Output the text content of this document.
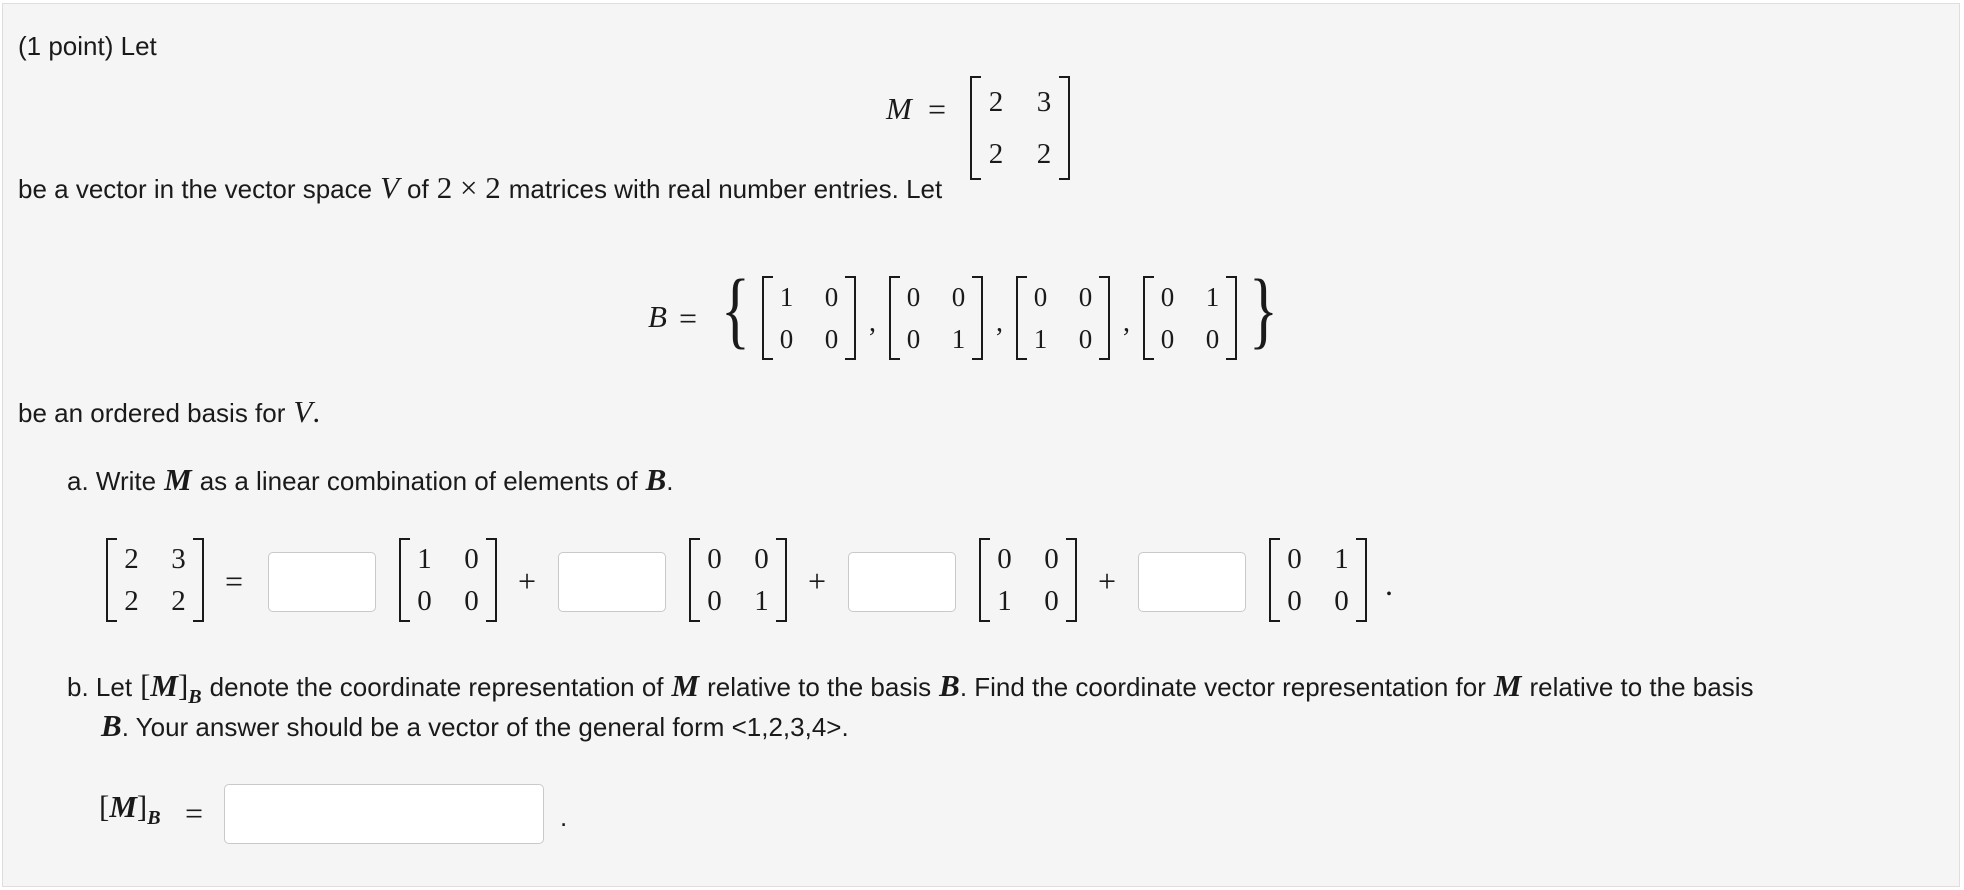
(1 point) Let
M =	2	3
2	2
be a vector in the vector space V of 2 × 2 matrices with real number entries. Let
B = {	1	0
0	0
,
0	0
0	1
,
0	0
1	0
,
0	1
0	0 }
be an ordered basis for V.
a. Write M as a linear combination of elements of B.
2	3
2	2
=
1	0
0	0
+
0	0
0	1
+
0	0
1	0
+
0	1
0	0	.
b. Let $[M]_B$ denote the coordinate representation of M relative to the basis B. Find the coordinate vector representation for M relative to the basis
B . Your answer should be a vector of the general form <1,2,3,4>.
$[M]_B$ =	.
